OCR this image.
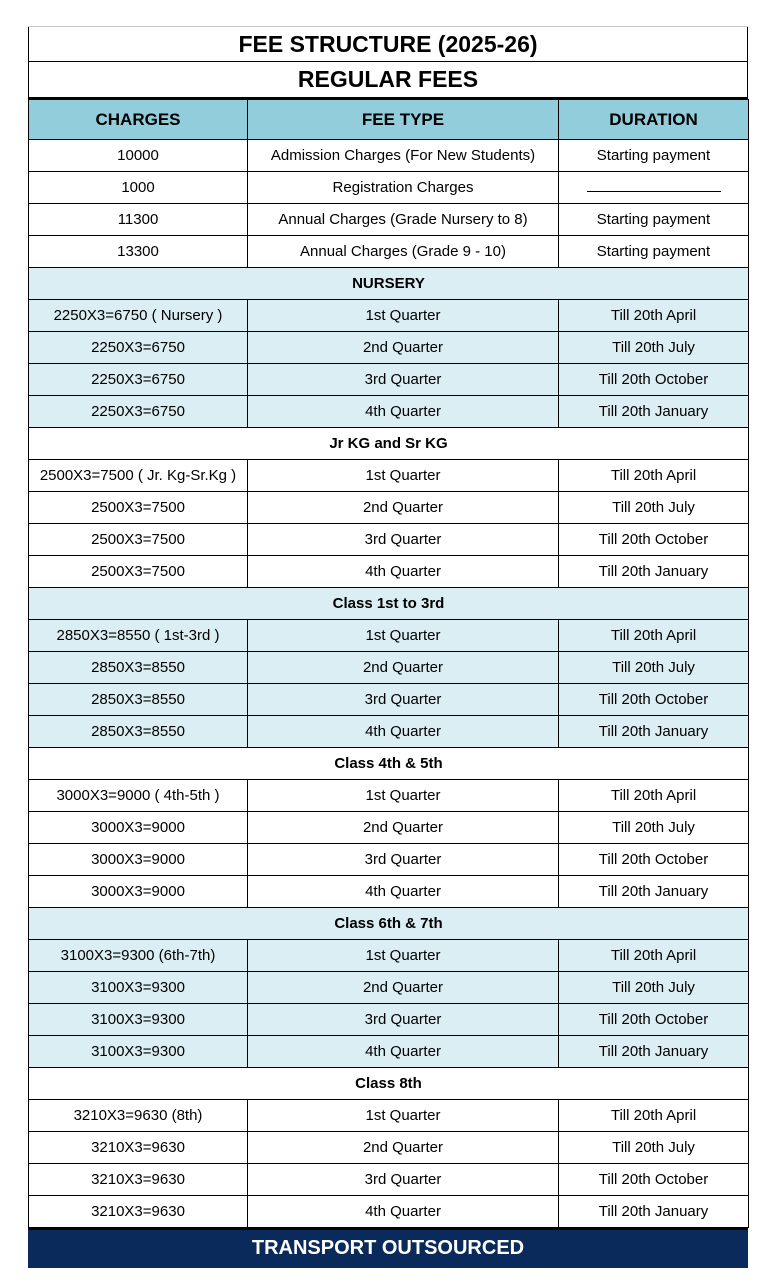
FEE STRUCTURE (2025-26)
REGULAR FEES
CHARGES	FEE TYPE	DURATION
10000	Admission Charges (For New Students)	Starting payment
1000	Registration Charges	
11300	Annual Charges (Grade Nursery to 8)	Starting payment
13300	Annual Charges (Grade 9 - 10)	Starting payment
NURSERY		
2250X3=6750 ( Nursery )	1st Quarter	Till 20th April
2250X3=6750	2nd Quarter	Till 20th July
2250X3=6750	3rd Quarter	Till 20th October
2250X3=6750	4th Quarter	Till 20th January
Jr KG and Sr KG		
2500X3=7500 ( Jr. Kg-Sr.Kg )	1st Quarter	Till 20th April
2500X3=7500	2nd Quarter	Till 20th July
2500X3=7500	3rd Quarter	Till 20th October
2500X3=7500	4th Quarter	Till 20th January
Class 1st to 3rd		
2850X3=8550 ( 1st-3rd )	1st Quarter	Till 20th April
2850X3=8550	2nd Quarter	Till 20th July
2850X3=8550	3rd Quarter	Till 20th October
2850X3=8550	4th Quarter	Till 20th January
Class 4th & 5th		
3000X3=9000 ( 4th-5th )	1st Quarter	Till 20th April
3000X3=9000	2nd Quarter	Till 20th July
3000X3=9000	3rd Quarter	Till 20th October
3000X3=9000	4th Quarter	Till 20th January
Class 6th & 7th		
3100X3=9300 (6th-7th)	1st Quarter	Till 20th April
3100X3=9300	2nd Quarter	Till 20th July
3100X3=9300	3rd Quarter	Till 20th October
3100X3=9300	4th Quarter	Till 20th January
Class 8th		
3210X3=9630 (8th)	1st Quarter	Till 20th April
3210X3=9630	2nd Quarter	Till 20th July
3210X3=9630	3rd Quarter	Till 20th October
3210X3=9630	4th Quarter	Till 20th January
TRANSPORT OUTSOURCED
